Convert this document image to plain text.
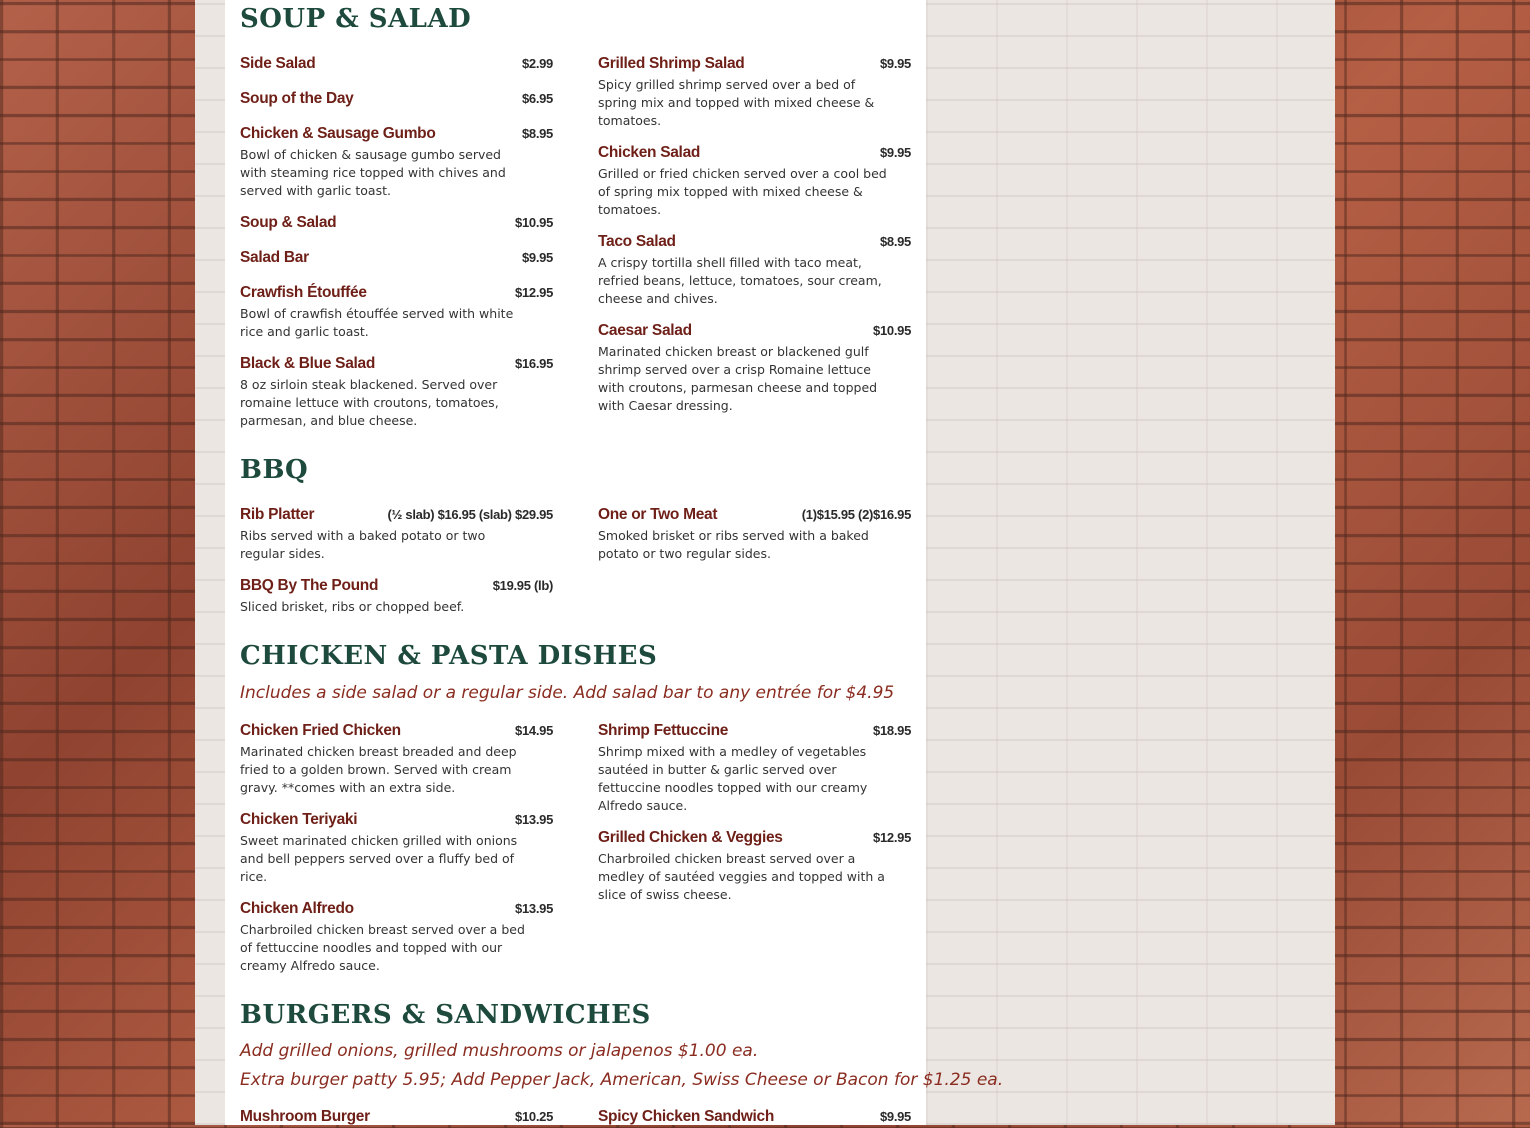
SOUP & SALAD
Side Salad	$2.99
Soup of the Day	$6.95
Chicken & Sausage Gumbo	$8.95
Bowl of chicken & sausage gumbo served with steaming rice topped with chives and served with garlic toast.
Soup & Salad	$10.95
Salad Bar	$9.95
Crawfish Étouffée	$12.95
Bowl of crawfish étouffée served with white rice and garlic toast.
Black & Blue Salad	$16.95
8 oz sirloin steak blackened. Served over romaine lettuce with croutons, tomatoes, parmesan, and blue cheese.
Grilled Shrimp Salad	$9.95
Spicy grilled shrimp served over a bed of spring mix and topped with mixed cheese & tomatoes.
Chicken Salad	$9.95
Grilled or fried chicken served over a cool bed of spring mix topped with mixed cheese & tomatoes.
Taco Salad	$8.95
A crispy tortilla shell filled with taco meat, refried beans, lettuce, tomatoes, sour cream, cheese and chives.
Caesar Salad	$10.95
Marinated chicken breast or blackened gulf shrimp served over a crisp Romaine lettuce with croutons, parmesan cheese and topped with Caesar dressing.
BBQ
Rib Platter	(½ slab) $16.95 (slab) $29.95
Ribs served with a baked potato or two regular sides.
BBQ By The Pound	$19.95 (lb)
Sliced brisket, ribs or chopped beef.
One or Two Meat	(1)$15.95 (2)$16.95
Smoked brisket or ribs served with a baked potato or two regular sides.
CHICKEN & PASTA DISHES
Includes a side salad or a regular side. Add salad bar to any entrée for $4.95
Chicken Fried Chicken	$14.95
Marinated chicken breast breaded and deep fried to a golden brown. Served with cream gravy. **comes with an extra side.
Chicken Teriyaki	$13.95
Sweet marinated chicken grilled with onions and bell peppers served over a fluffy bed of rice.
Chicken Alfredo	$13.95
Charbroiled chicken breast served over a bed of fettuccine noodles and topped with our creamy Alfredo sauce.
Shrimp Fettuccine	$18.95
Shrimp mixed with a medley of vegetables sautéed in butter & garlic served over fettuccine noodles topped with our creamy Alfredo sauce.
Grilled Chicken & Veggies	$12.95
Charbroiled chicken breast served over a medley of sautéed veggies and topped with a slice of swiss cheese.
BURGERS & SANDWICHES
Add grilled onions, grilled mushrooms or jalapenos $1.00 ea.
Extra burger patty 5.95; Add Pepper Jack, American, Swiss Cheese or Bacon for $1.25 ea.
Mushroom Burger	$10.25	Spicy Chicken Sandwich	$9.95
